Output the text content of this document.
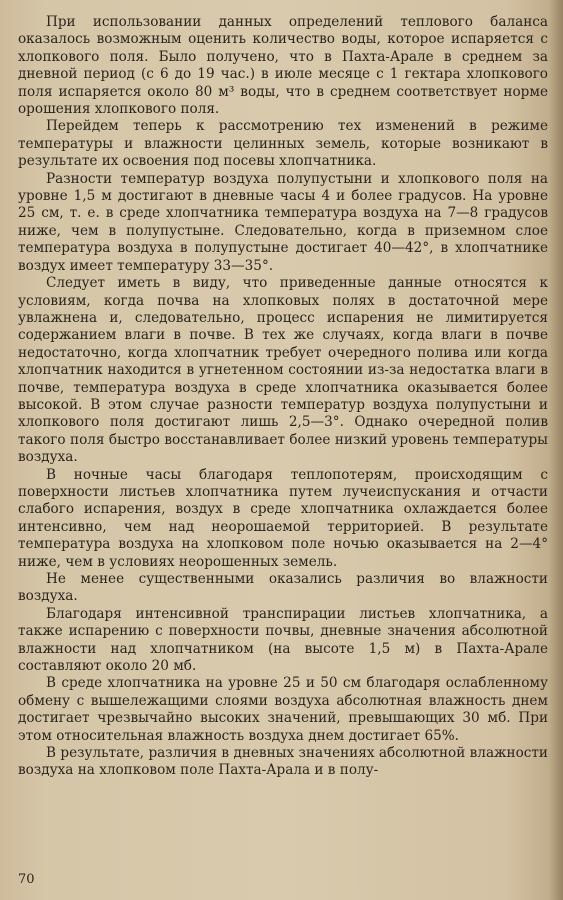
При использовании данных определений теплового баланса оказалось возможным оценить количество воды, которое испаряется с хлопкового поля. Было получено, что в Пахта-Арале в среднем за дневной период (с 6 до 19 час.) в июле месяце с 1 гектара хлопкового поля испаряется около 80 м³ воды, что в среднем соответствует норме орошения хлопкового поля.

Перейдем теперь к рассмотрению тех изменений в режиме температуры и влажности целинных земель, которые возникают в результате их освоения под посевы хлопчатника.

Разности температур воздуха полупустыни и хлопкового поля на уровне 1,5 м достигают в дневные часы 4 и более градусов. На уровне 25 см, т. е. в среде хлопчатника температура воздуха на 7—8 градусов ниже, чем в полупустыне. Следовательно, когда в приземном слое температура воздуха в полупустыне достигает 40—42°, в хлопчатнике воздух имеет температуру 33—35°.

Следует иметь в виду, что приведенные данные относятся к условиям, когда почва на хлопковых полях в достаточной мере увлажнена и, следовательно, процесс испарения не лимитируется содержанием влаги в почве. В тех же случаях, когда влаги в почве недостаточно, когда хлопчатник требует очередного полива или когда хлопчатник находится в угнетенном состоянии из-за недостатка влаги в почве, температура воздуха в среде хлопчатника оказывается более высокой. В этом случае разности температур воздуха полупустыни и хлопкового поля достигают лишь 2,5—3°. Однако очередной полив такого поля быстро восстанавливает более низкий уровень температуры воздуха.

В ночные часы благодаря теплопотерям, происходящим с поверхности листьев хлопчатника путем лучеиспускания и отчасти слабого испарения, воздух в среде хлопчатника охлаждается более интенсивно, чем над неорошаемой территорией. В результате температура воздуха на хлопковом поле ночью оказывается на 2—4° ниже, чем в условиях неорошенных земель.

Не менее существенными оказались различия во влажности воздуха.

Благодаря интенсивной транспирации листьев хлопчатника, а также испарению с поверхности почвы, дневные значения абсолютной влажности над хлопчатником (на высоте 1,5 м) в Пахта-Арале составляют около 20 мб.

В среде хлопчатника на уровне 25 и 50 см благодаря ослабленному обмену с вышележащими слоями воздуха абсолютная влажность днем достигает чрезвычайно высоких значений, превышающих 30 мб. При этом относительная влажность воздуха днем достигает 65%.

В результате, различия в дневных значениях абсолютной влажности воздуха на хлопковом поле Пахта-Арала и в полу-

70
